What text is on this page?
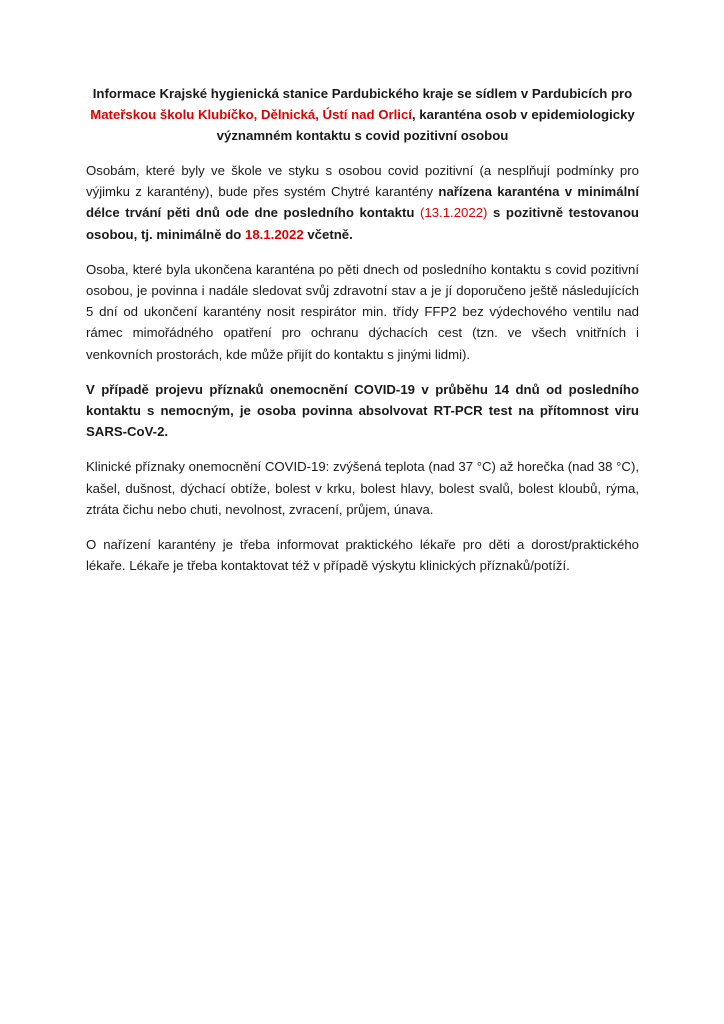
Informace Krajské hygienická stanice Pardubického kraje se sídlem v Pardubicích pro Mateřskou školu Klubíčko, Dělnická, Ústí nad Orlicí, karanténa osob v epidemiologicky významném kontaktu s covid pozitivní osobou

Osobám, které byly ve škole ve styku s osobou covid pozitivní (a nesplňují podmínky pro výjimku z karantény), bude přes systém Chytré karantény nařízena karanténa v minimální délce trvání pěti dnů ode dne posledního kontaktu (13.1.2022) s pozitivně testovanou osobou, tj. minimálně do 18.1.2022 včetně.

Osoba, které byla ukončena karanténa po pěti dnech od posledního kontaktu s covid pozitivní osobou, je povinna i nadále sledovat svůj zdravotní stav a je jí doporučeno ještě následujících 5 dní od ukončení karantény nosit respirátor min. třídy FFP2 bez výdechového ventilu nad rámec mimořádného opatření pro ochranu dýchacích cest (tzn. ve všech vnitřních i venkovních prostorách, kde může přijít do kontaktu s jinými lidmi).

V případě projevu příznaků onemocnění COVID-19 v průběhu 14 dnů od posledního kontaktu s nemocným, je osoba povinna absolvovat RT-PCR test na přítomnost viru SARS-CoV-2.

Klinické příznaky onemocnění COVID-19: zvýšená teplota (nad 37 °C) až horečka (nad 38 °C), kašel, dušnost, dýchací obtíže, bolest v krku, bolest hlavy, bolest svalů, bolest kloubů, rýma, ztráta čichu nebo chuti, nevolnost, zvracení, průjem, únava.

O nařízení karantény je třeba informovat praktického lékaře pro děti a dorost/praktického lékaře. Lékaře je třeba kontaktovat též v případě výskytu klinických příznaků/potíží.
